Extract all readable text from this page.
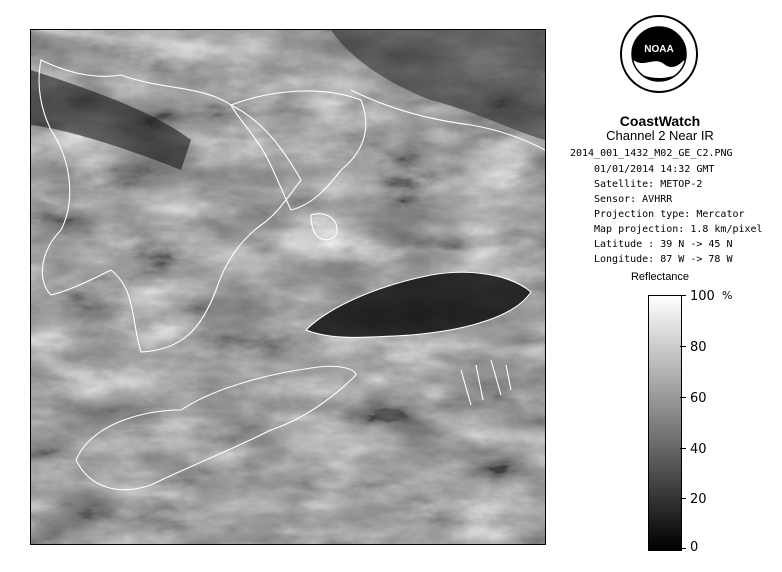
NOAA
CoastWatch
Channel 2 Near IR
2014_001_1432_M02_GE_C2.PNG
01/01/2014 14:32 GMT
Satellite: METOP-2
Sensor: AVHRR
Projection type: Mercator
Map projection: 1.8 km/pixel
Latitude : 39 N -> 45 N
Longitude: 87 W -> 78 W
Reflectance
%
100
80
60
40
20
0
